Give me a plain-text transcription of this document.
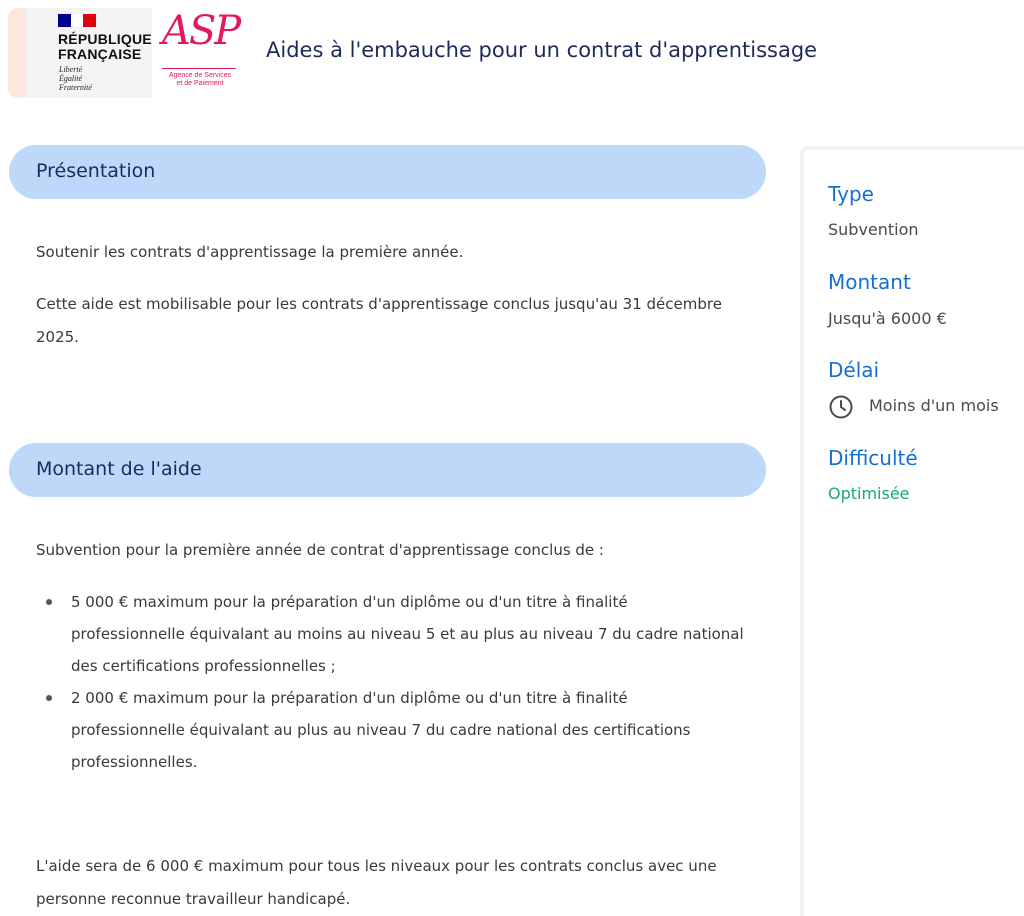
RÉPUBLIQUE
FRANÇAISE
Liberté
Égalité
Fraternité
ASP
Agence de Services
et de Paiement
Aides à l'embauche pour un contrat d'apprentissage
Présentation

Soutenir les contrats d'apprentissage la première année.

Cette aide est mobilisable pour les contrats d'apprentissage conclus jusqu'au 31 décembre 2025.

Montant de l'aide

Subvention pour la première année de contrat d'apprentissage conclus de :

5 000 € maximum pour la préparation d'un diplôme ou d'un titre à finalité professionnelle équivalant au moins au niveau 5 et au plus au niveau 7 du cadre national des certifications professionnelles ;
2 000 € maximum pour la préparation d'un diplôme ou d'un titre à finalité professionnelle équivalant au plus au niveau 7 du cadre national des certifications professionnelles.

L'aide sera de 6 000 € maximum pour tous les niveaux pour les contrats conclus avec une personne reconnue travailleur handicapé.

Type
Subvention
Montant
Jusqu'à 6000 €
Délai
Moins d'un mois
Difficulté
Optimisée
